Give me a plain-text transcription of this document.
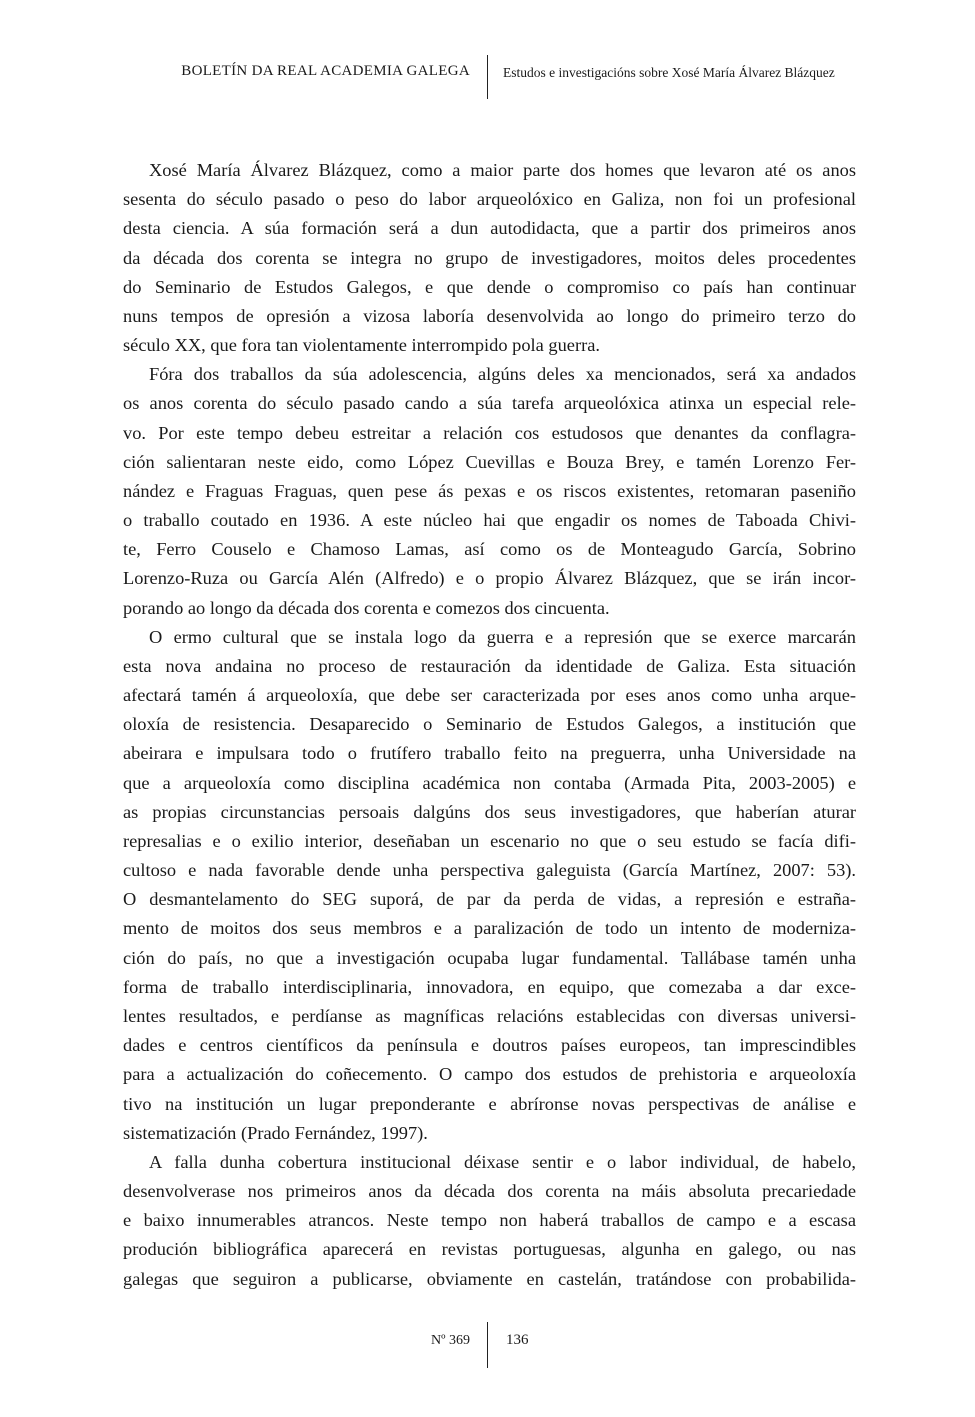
BOLETÍN DA REAL ACADEMIA GALEGA Estudos e investigacións sobre Xosé María Álvarez Blázquez
Xosé María Álvarez Blázquez, como a maior parte dos homes que levaron até os anos
sesenta do século pasado o peso do labor arqueolóxico en Galiza, non foi un profesional
desta ciencia. A súa formación será a dun autodidacta, que a partir dos primeiros anos
da década dos corenta se integra no grupo de investigadores, moitos deles procedentes
do Seminario de Estudos Galegos, e que dende o compromiso co país han continuar
nuns tempos de opresión a vizosa laboría desenvolvida ao longo do primeiro terzo do
século XX, que fora tan violentamente interrompido pola guerra.
Fóra dos traballos da súa adolescencia, algúns deles xa mencionados, será xa andados
os anos corenta do século pasado cando a súa tarefa arqueolóxica atinxa un especial rele-
vo. Por este tempo debeu estreitar a relación cos estudosos que denantes da conflagra-
ción salientaran neste eido, como López Cuevillas e Bouza Brey, e tamén Lorenzo Fer-
nández e Fraguas Fraguas, quen pese ás pexas e os riscos existentes, retomaran paseniño
o traballo coutado en 1936. A este núcleo hai que engadir os nomes de Taboada Chivi-
te, Ferro Couselo e Chamoso Lamas, así como os de Monteagudo García, Sobrino
Lorenzo-Ruza ou García Alén (Alfredo) e o propio Álvarez Blázquez, que se irán incor-
porando ao longo da década dos corenta e comezos dos cincuenta.
O ermo cultural que se instala logo da guerra e a represión que se exerce marcarán
esta nova andaina no proceso de restauración da identidade de Galiza. Esta situación
afectará tamén á arqueoloxía, que debe ser caracterizada por eses anos como unha arque-
oloxía de resistencia. Desaparecido o Seminario de Estudos Galegos, a institución que
abeirara e impulsara todo o frutífero traballo feito na preguerra, unha Universidade na
que a arqueoloxía como disciplina académica non contaba (Armada Pita, 2003-2005) e
as propias circunstancias persoais dalgúns dos seus investigadores, que haberían aturar
represalias e o exilio interior, deseñaban un escenario no que o seu estudo se facía difi-
cultoso e nada favorable dende unha perspectiva galeguista (García Martínez, 2007: 53).
O desmantelamento do SEG suporá, de par da perda de vidas, a represión e estraña-
mento de moitos dos seus membros e a paralización de todo un intento de moderniza-
ción do país, no que a investigación ocupaba lugar fundamental. Tallábase tamén unha
forma de traballo interdisciplinaria, innovadora, en equipo, que comezaba a dar exce-
lentes resultados, e perdíanse as magníficas relacións establecidas con diversas universi-
dades e centros científicos da península e doutros países europeos, tan imprescindibles
para a actualización do coñecemento. O campo dos estudos de prehistoria e arqueoloxía
tivo na institución un lugar preponderante e abríronse novas perspectivas de análise e
sistematización (Prado Fernández, 1997).
A falla dunha cobertura institucional déixase sentir e o labor individual, de habelo,
desenvolverase nos primeiros anos da década dos corenta na máis absoluta precariedade
e baixo innumerables atrancos. Neste tempo non haberá traballos de campo e a escasa
produción bibliográfica aparecerá en revistas portuguesas, algunha en galego, ou nas
galegas que seguiron a publicarse, obviamente en castelán, tratándose con probabilida-
Nº 369 136
